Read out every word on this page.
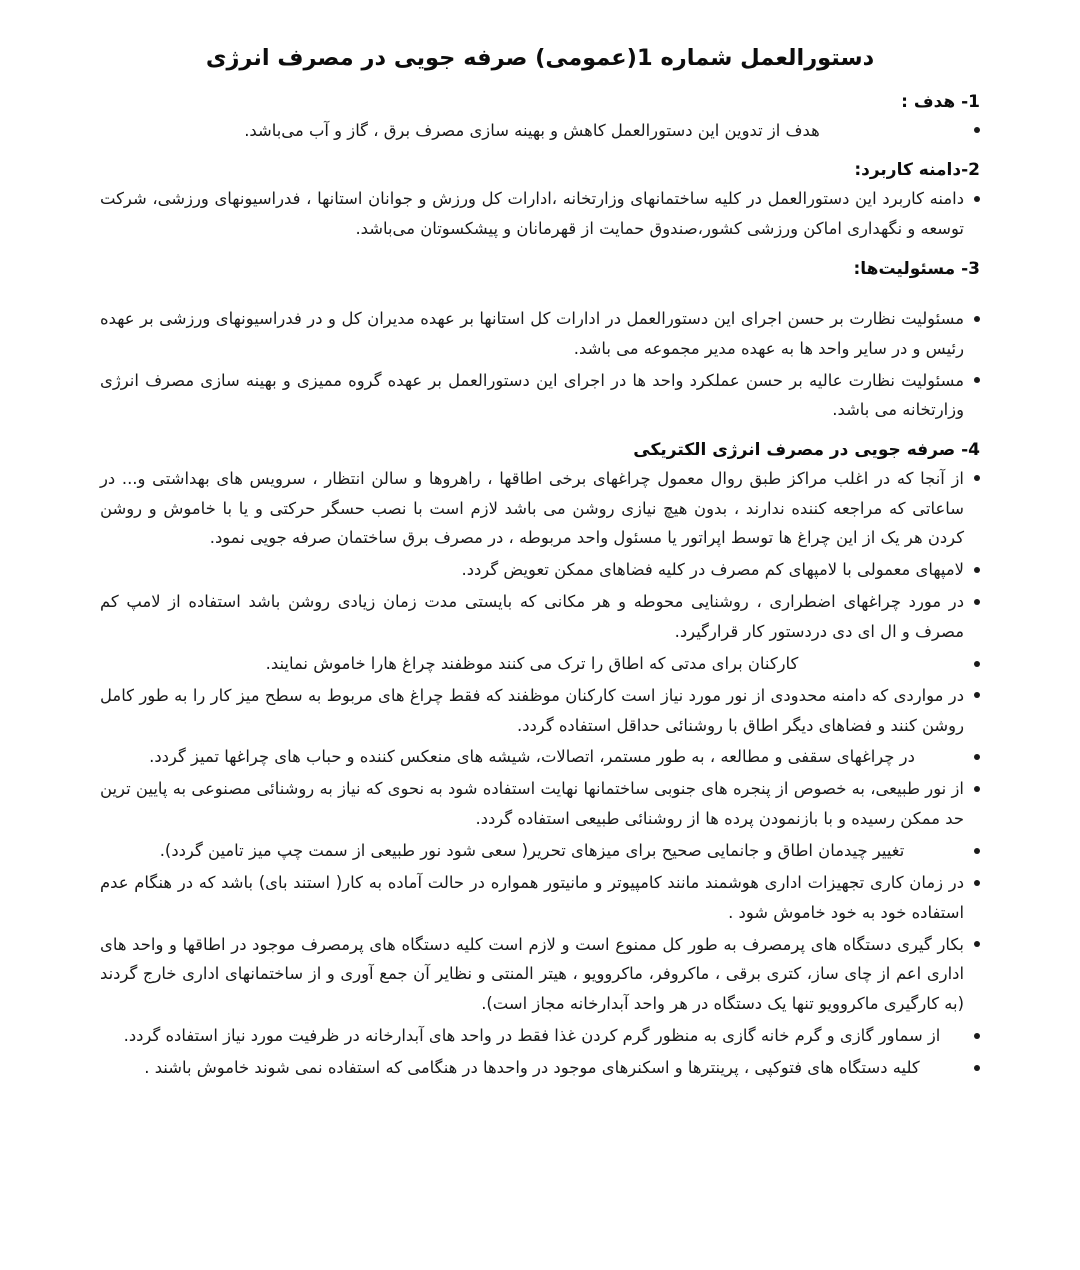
دستورالعمل شماره 1(عمومی) صرفه جویی در مصرف انرژی
1- هدف :
هدف از تدوین این دستورالعمل کاهش و بهینه سازی مصرف برق ، گاز و آب می‌باشد.
2-دامنه کاربرد:
دامنه کاربرد این دستورالعمل در کلیه ساختمانهای وزارتخانه ،ادارات کل ورزش و جوانان استانها ، فدراسیونهای ورزشی، شرکت توسعه و نگهداری اماکن ورزشی کشور،صندوق حمایت از قهرمانان و پیشکسوتان می‌باشد.
3- مسئولیت‌ها:
مسئولیت نظارت بر حسن اجرای این دستورالعمل در ادارات کل استانها بر عهده مدیران کل و در فدراسیونهای ورزشی بر عهده رئیس و در سایر واحد ها به عهده مدیر مجموعه می باشد.
مسئولیت نظارت عالیه بر حسن عملکرد واحد ها در اجرای این دستورالعمل بر عهده گروه ممیزی و بهینه سازی مصرف انرژی وزارتخانه می باشد.
4- صرفه جویی در مصرف انرژی الکتریکی
از آنجا که در اغلب مراکز طبق روال معمول چراغهای برخی اطاقها ، راهروها و سالن انتظار ، سرویس های بهداشتی و... در ساعاتی که مراجعه کننده ندارند ، بدون هیچ نیازی روشن می باشد لازم است با نصب حسگر حرکتی و یا با خاموش و روشن کردن هر یک از این چراغ ها توسط اپراتور یا مسئول واحد مربوطه ، در مصرف برق ساختمان صرفه جویی نمود.
لامپهای معمولی با لامپهای کم مصرف در کلیه فضاهای ممکن تعویض گردد.
در مورد چراغهای اضطراری ، روشنایی محوطه و هر مکانی که بایستی مدت زمان زیادی روشن باشد استفاده از لامپ کم مصرف و ال ای دی دردستور کار قرارگیرد.
کارکنان برای مدتی که اطاق را ترک می کنند موظفند چراغ هارا خاموش نمایند.
در مواردی که دامنه محدودی از نور مورد نیاز است کارکنان موظفند که فقط چراغ های مربوط به سطح میز کار را به طور کامل روشن کنند و فضاهای دیگر اطاق با روشنائی حداقل استفاده گردد.
در چراغهای سقفی و مطالعه ، به طور مستمر، اتصالات، شیشه های منعکس کننده و حباب های چراغها تمیز گردد.
از نور طبیعی، به خصوص از پنجره های جنوبی ساختمانها نهایت استفاده شود به نحوی که نیاز به روشنائی مصنوعی به پایین ترین حد ممکن رسیده و با بازنمودن پرده ها از روشنائی طبیعی استفاده گردد.
تغییر چیدمان اطاق و جانمایی صحیح برای میزهای تحریر( سعی شود نور طبیعی از سمت چپ میز تامین گردد).
در زمان کاری تجهیزات اداری هوشمند مانند کامپیوتر و مانیتور همواره در حالت آماده به کار( استند بای) باشد که در هنگام عدم استفاده خود به خود خاموش شود .
بکار گیری دستگاه های پرمصرف به طور کل ممنوع است و لازم است کلیه دستگاه های پرمصرف موجود در اطاقها و واحد های اداری اعم از چای ساز، کتری برقی ، ماکروفر، ماکروویو ، هیتر المنتی و نظایر آن جمع آوری و از ساختمانهای اداری خارج گردند (به کارگیری ماکروویو تنها یک دستگاه در هر واحد آبدارخانه مجاز است).
از سماور گازی و گرم خانه گازی به منظور گرم کردن غذا فقط در واحد های آبدارخانه در ظرفیت مورد نیاز استفاده گردد.
کلیه دستگاه های فتوکپی ، پرینترها و اسکنرهای موجود در واحدها در هنگامی که استفاده نمی شوند خاموش باشند .
